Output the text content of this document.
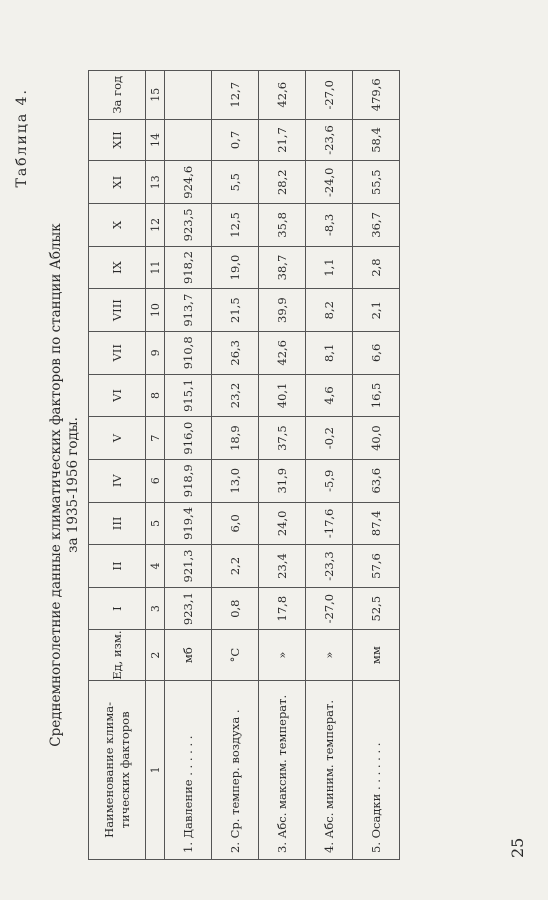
Таблица 4.
Среднемноголетние данные климатических факторов по станции Аблык за 1935-1956 годы.
Наименование клима-тических факторов	Ед, изм.	I	II	III	IV	V	VI	VII	VIII	IX	X	XI	XII	За год
1	2	3	4	5	6	7	8	9	10	11	12	13	14	15
1. Давление . . . . . .	мб	923,1	921,3	919,4	918,9	916,0	915,1	910,8	913,7	918,2	923,5	924,6		
2. Ср. темпер. воздуха .	°С	0,8	2,2	6,0	13,0	18,9	23,2	26,3	21,5	19,0	12,5	5,5	0,7	12,7
3. Абс. максим. температ.	»	17,8	23,4	24,0	31,9	37,5	40,1	42,6	39,9	38,7	35,8	28,2	21,7	42,6
4. Абс. миним. температ.	»	-27,0	-23,3	-17,6	-5,9	-0,2	4,6	8,1	8,2	1,1	-8,3	-24,0	-23,6	-27,0
5. Осадки . . . . . . .	мм	52,5	57,6	87,4	63,6	40,0	16,5	6,6	2,1	2,8	36,7	55,5	58,4	479,6
25
